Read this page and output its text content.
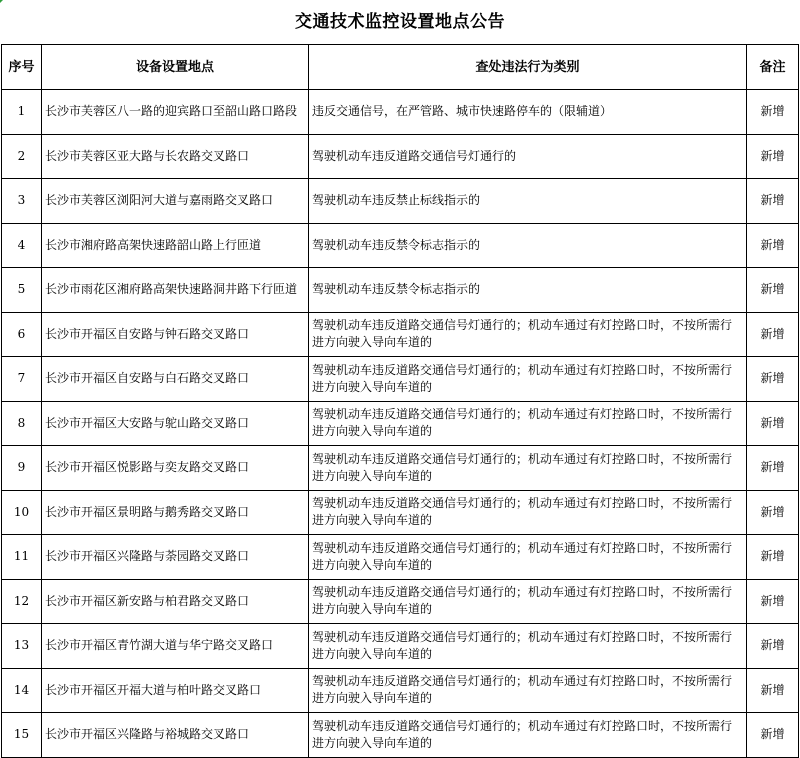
交通技术监控设置地点公告
序号	设备设置地点	查处违法行为类别	备注
1	长沙市芙蓉区八一路的迎宾路口至韶山路口路段	违反交通信号，在严管路、城市快速路停车的（限辅道）	新增
2	长沙市芙蓉区亚大路与长农路交叉路口	驾驶机动车违反道路交通信号灯通行的	新增
3	长沙市芙蓉区浏阳河大道与嘉雨路交叉路口	驾驶机动车违反禁止标线指示的	新增
4	长沙市湘府路高架快速路韶山路上行匝道	驾驶机动车违反禁令标志指示的	新增
5	长沙市雨花区湘府路高架快速路洞井路下行匝道	驾驶机动车违反禁令标志指示的	新增
6	长沙市开福区自安路与钟石路交叉路口	驾驶机动车违反道路交通信号灯通行的；机动车通过有灯控路口时，不按所需行进方向驶入导向车道的	新增
7	长沙市开福区自安路与白石路交叉路口	驾驶机动车违反道路交通信号灯通行的；机动车通过有灯控路口时，不按所需行进方向驶入导向车道的	新增
8	长沙市开福区大安路与鸵山路交叉路口	驾驶机动车违反道路交通信号灯通行的；机动车通过有灯控路口时，不按所需行进方向驶入导向车道的	新增
9	长沙市开福区悦影路与奕友路交叉路口	驾驶机动车违反道路交通信号灯通行的；机动车通过有灯控路口时，不按所需行进方向驶入导向车道的	新增
10	长沙市开福区景明路与鹅秀路交叉路口	驾驶机动车违反道路交通信号灯通行的；机动车通过有灯控路口时，不按所需行进方向驶入导向车道的	新增
11	长沙市开福区兴隆路与荼园路交叉路口	驾驶机动车违反道路交通信号灯通行的；机动车通过有灯控路口时，不按所需行进方向驶入导向车道的	新增
12	长沙市开福区新安路与柏君路交叉路口	驾驶机动车违反道路交通信号灯通行的；机动车通过有灯控路口时，不按所需行进方向驶入导向车道的	新增
13	长沙市开福区青竹湖大道与华宁路交叉路口	驾驶机动车违反道路交通信号灯通行的；机动车通过有灯控路口时，不按所需行进方向驶入导向车道的	新增
14	长沙市开福区开福大道与柏叶路交叉路口	驾驶机动车违反道路交通信号灯通行的；机动车通过有灯控路口时，不按所需行进方向驶入导向车道的	新增
15	长沙市开福区兴隆路与裕城路交叉路口	驾驶机动车违反道路交通信号灯通行的；机动车通过有灯控路口时，不按所需行进方向驶入导向车道的	新增
